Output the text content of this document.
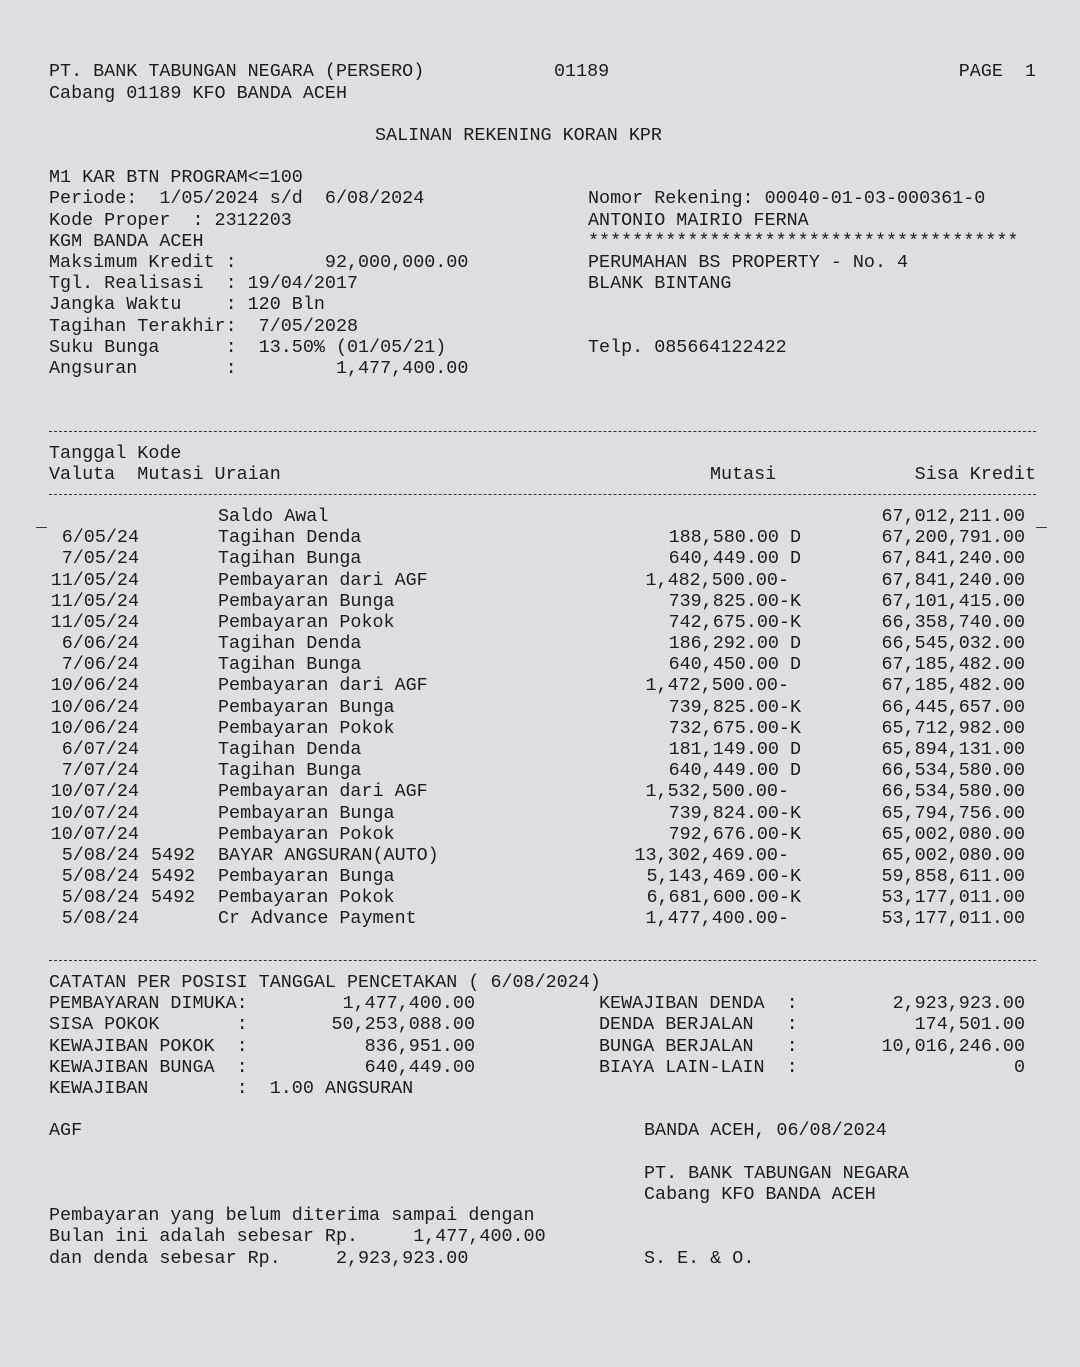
PT. BANK TABUNGAN NEGARA (PERSERO)	01189	PAGE  1
Cabang 01189 KFO BANDA ACEH
SALINAN REKENING KORAN KPR
M1 KAR BTN PROGRAM<=100
Periode:  1/05/2024 s/d  6/08/2024
Kode Proper  : 2312203
KGM BANDA ACEH
Maksimum Kredit :        92,000,000.00
Tgl. Realisasi  : 19/04/2017
Jangka Waktu    : 120 Bln
Tagihan Terakhir:  7/05/2028
Suku Bunga      :  13.50% (01/05/21)
Angsuran        :         1,477,400.00
Nomor Rekening: 00040-01-03-000361-0
ANTONIO MAIRIO FERNA
***************************************
PERUMAHAN BS PROPERTY - No. 4
BLANK BINTANG
Telp. 085664122422
Tanggal Kode
Valuta  Mutasi Uraian	Mutasi	Sisa Kredit
_	_
Saldo Awal	67,012,211.00
6/05/24	Tagihan Denda	188,580.00 D	67,200,791.00
7/05/24	Tagihan Bunga	640,449.00 D	67,841,240.00
11/05/24	Pembayaran dari AGF	1,482,500.00-	67,841,240.00
11/05/24	Pembayaran Bunga	739,825.00-K	67,101,415.00
11/05/24	Pembayaran Pokok	742,675.00-K	66,358,740.00
6/06/24	Tagihan Denda	186,292.00 D	66,545,032.00
7/06/24	Tagihan Bunga	640,450.00 D	67,185,482.00
10/06/24	Pembayaran dari AGF	1,472,500.00-	67,185,482.00
10/06/24	Pembayaran Bunga	739,825.00-K	66,445,657.00
10/06/24	Pembayaran Pokok	732,675.00-K	65,712,982.00
6/07/24	Tagihan Denda	181,149.00 D	65,894,131.00
7/07/24	Tagihan Bunga	640,449.00 D	66,534,580.00
10/07/24	Pembayaran dari AGF	1,532,500.00-	66,534,580.00
10/07/24	Pembayaran Bunga	739,824.00-K	65,794,756.00
10/07/24	Pembayaran Pokok	792,676.00-K	65,002,080.00
5/08/24 5492 BAYAR ANGSURAN(AUTO)	13,302,469.00-	65,002,080.00
5/08/24 5492 Pembayaran Bunga	5,143,469.00-K	59,858,611.00
5/08/24 5492 Pembayaran Pokok	6,681,600.00-K	53,177,011.00
5/08/24	Cr Advance Payment	1,477,400.00-	53,177,011.00
CATATAN PER POSISI TANGGAL PENCETAKAN ( 6/08/2024)
PEMBAYARAN DIMUKA:	1,477,400.00
SISA POKOK       :	50,253,088.00
KEWAJIBAN POKOK  :	836,951.00
KEWAJIBAN BUNGA  :	640,449.00
KEWAJIBAN        :  1.00 ANGSURAN
KEWAJIBAN DENDA  :	2,923,923.00
DENDA BERJALAN   :	174,501.00
BUNGA BERJALAN   :	10,016,246.00
BIAYA LAIN-LAIN  :	0
AGF	BANDA ACEH, 06/08/2024
PT. BANK TABUNGAN NEGARA
Cabang KFO BANDA ACEH
Pembayaran yang belum diterima sampai dengan
Bulan ini adalah sebesar Rp.     1,477,400.00
dan denda sebesar Rp.     2,923,923.00	S. E. & O.
